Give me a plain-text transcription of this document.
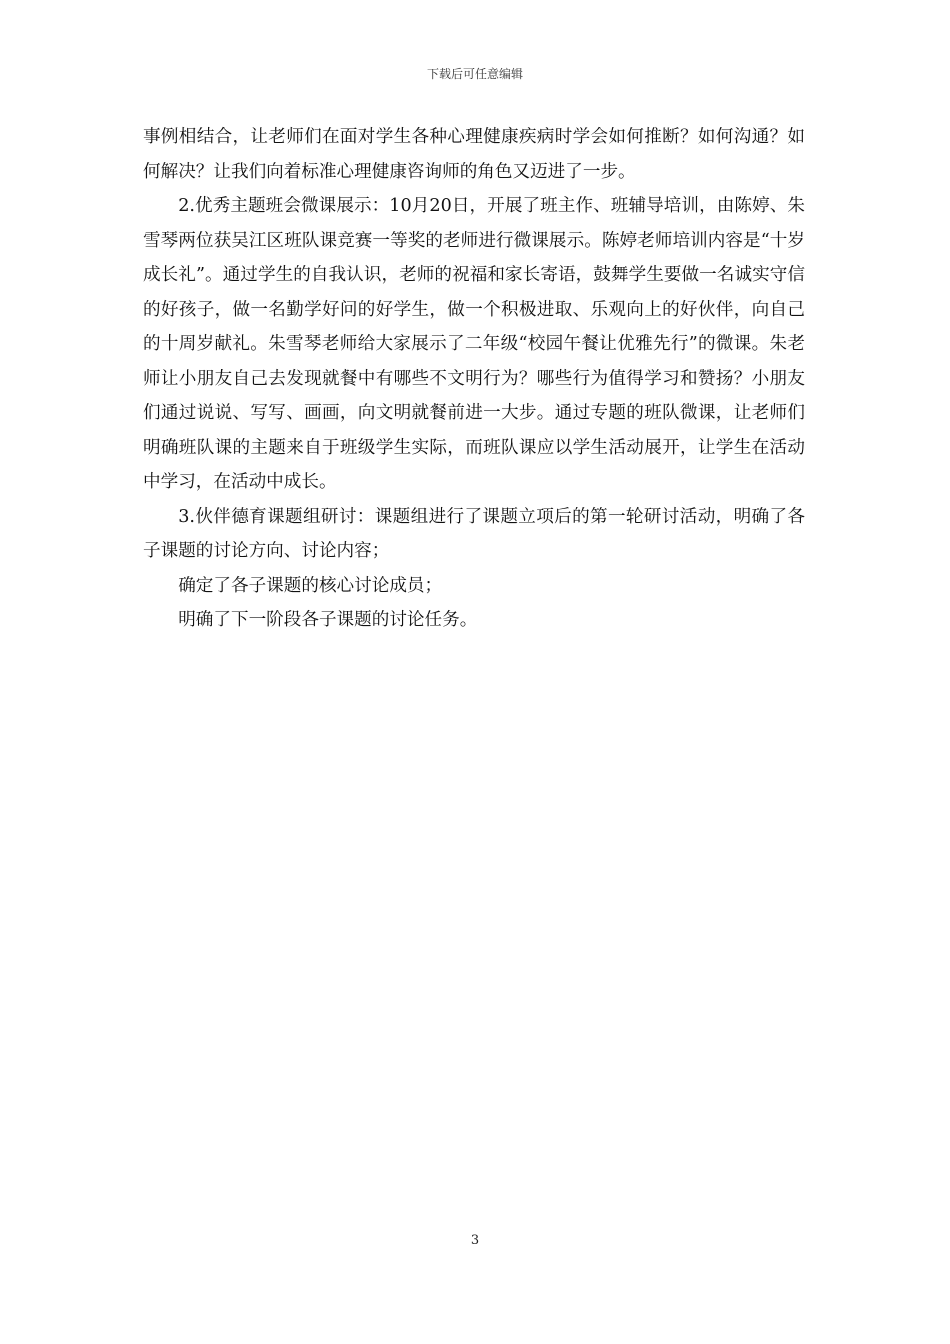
下载后可任意编辑

事例相结合，让老师们在面对学生各种心理健康疾病时学会如何推断？如何沟通？如何解决？让我们向着标准心理健康咨询师的角色又迈进了一步。

2.优秀主题班会微课展示：10月20日，开展了班主作、班辅导培训，由陈婷、朱雪琴两位获吴江区班队课竞赛一等奖的老师进行微课展示。陈婷老师培训内容是“十岁成长礼”。通过学生的自我认识，老师的祝福和家长寄语，鼓舞学生要做一名诚实守信的好孩子，做一名勤学好问的好学生，做一个积极进取、乐观向上的好伙伴，向自己的十周岁献礼。朱雪琴老师给大家展示了二年级“校园午餐让优雅先行”的微课。朱老师让小朋友自己去发现就餐中有哪些不文明行为？哪些行为值得学习和赞扬？小朋友们通过说说、写写、画画，向文明就餐前进一大步。通过专题的班队微课，让老师们明确班队课的主题来自于班级学生实际，而班队课应以学生活动展开，让学生在活动中学习，在活动中成长。

3.伙伴德育课题组研讨：课题组进行了课题立项后的第一轮研讨活动，明确了各子课题的讨论方向、讨论内容；

确定了各子课题的核心讨论成员；

明确了下一阶段各子课题的讨论任务。

3
